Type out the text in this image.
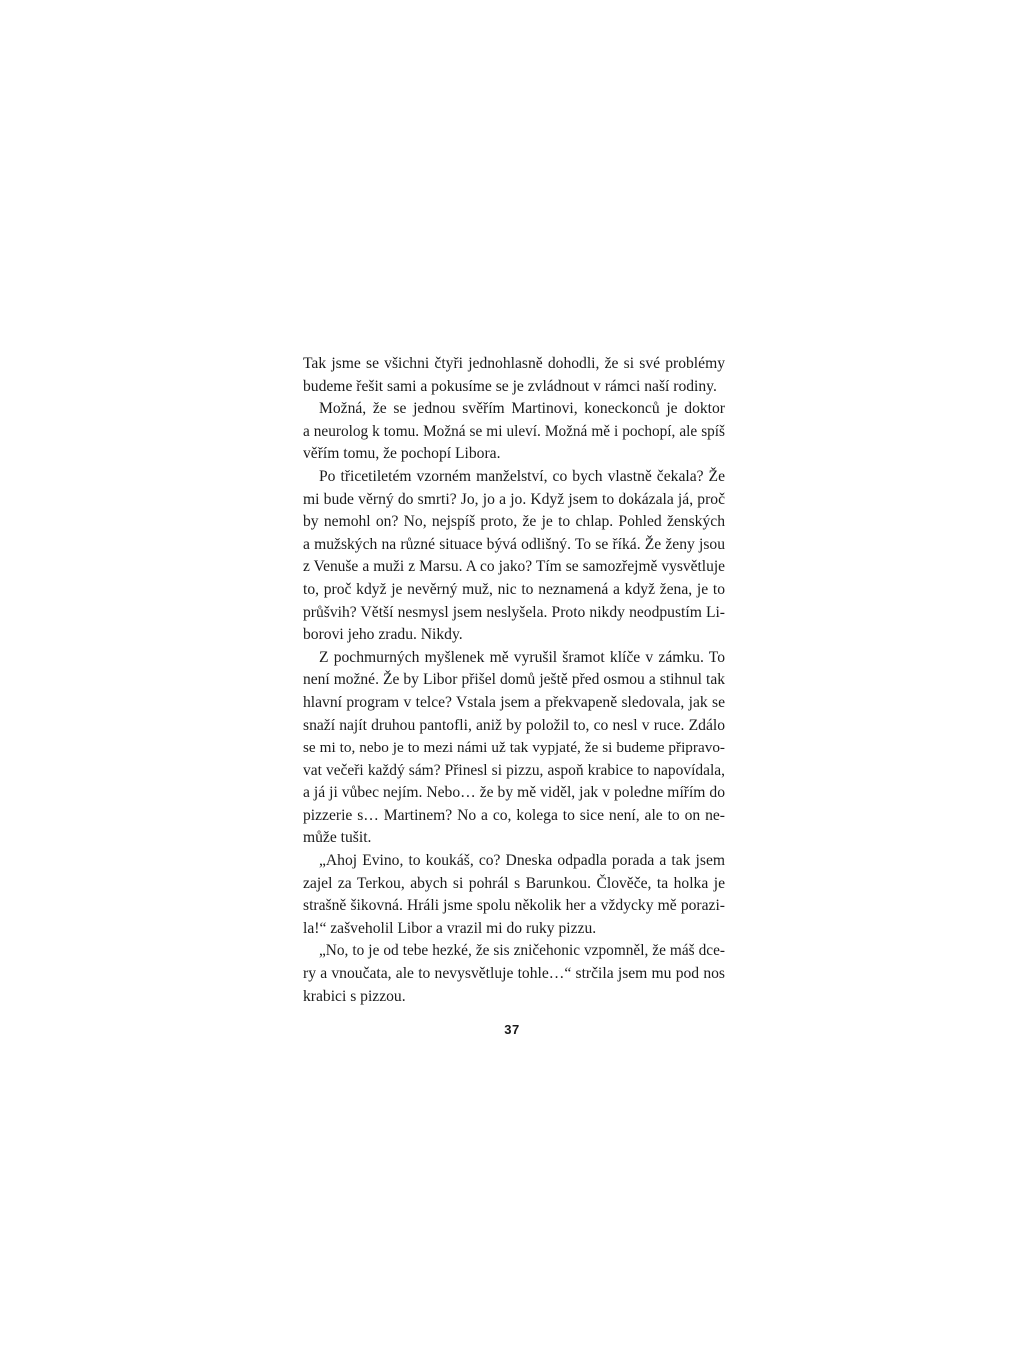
Tak jsme se všichni čtyři jednohlasně dohodli, že si své problémy
budeme řešit sami a pokusíme se je zvládnout v rámci naší rodiny.

Možná, že se jednou svěřím Martinovi, koneckonců je doktor
a neurolog k tomu. Možná se mi uleví. Možná mě i pochopí, ale spíš
věřím tomu, že pochopí Libora.

Po třicetiletém vzorném manželství, co bych vlastně čekala? Že
mi bude věrný do smrti? Jo, jo a jo. Když jsem to dokázala já, proč
by nemohl on? No, nejspíš proto, že je to chlap. Pohled ženských
a mužských na různé situace bývá odlišný. To se říká. Že ženy jsou
z Venuše a muži z Marsu. A co jako? Tím se samozřejmě vysvětluje
to, proč když je nevěrný muž, nic to neznamená a když žena, je to
průšvih? Větší nesmysl jsem neslyšela. Proto nikdy neodpustím Li-
borovi jeho zradu. Nikdy.

Z pochmurných myšlenek mě vyrušil šramot klíče v zámku. To
není možné. Že by Libor přišel domů ještě před osmou a stihnul tak
hlavní program v telce? Vstala jsem a překvapeně sledovala, jak se
snaží najít druhou pantofli, aniž by položil to, co nesl v ruce. Zdálo
se mi to, nebo je to mezi námi už tak vypjaté, že si budeme připravo-
vat večeři každý sám? Přinesl si pizzu, aspoň krabice to napovídala,
a já ji vůbec nejím. Nebo… že by mě viděl, jak v poledne mířím do
pizzerie s… Martinem? No a co, kolega to sice není, ale to on ne-
může tušit.

„Ahoj Evino, to koukáš, co? Dneska odpadla porada a tak jsem
zajel za Terkou, abych si pohrál s Barunkou. Člověče, ta holka je
strašně šikovná. Hráli jsme spolu několik her a vždycky mě porazi-
la!“ zašveholil Libor a vrazil mi do ruky pizzu.

„No, to je od tebe hezké, že sis zničehonic vzpomněl, že máš dce-
ry a vnoučata, ale to nevysvětluje tohle…“ strčila jsem mu pod nos
krabici s pizzou.

37
